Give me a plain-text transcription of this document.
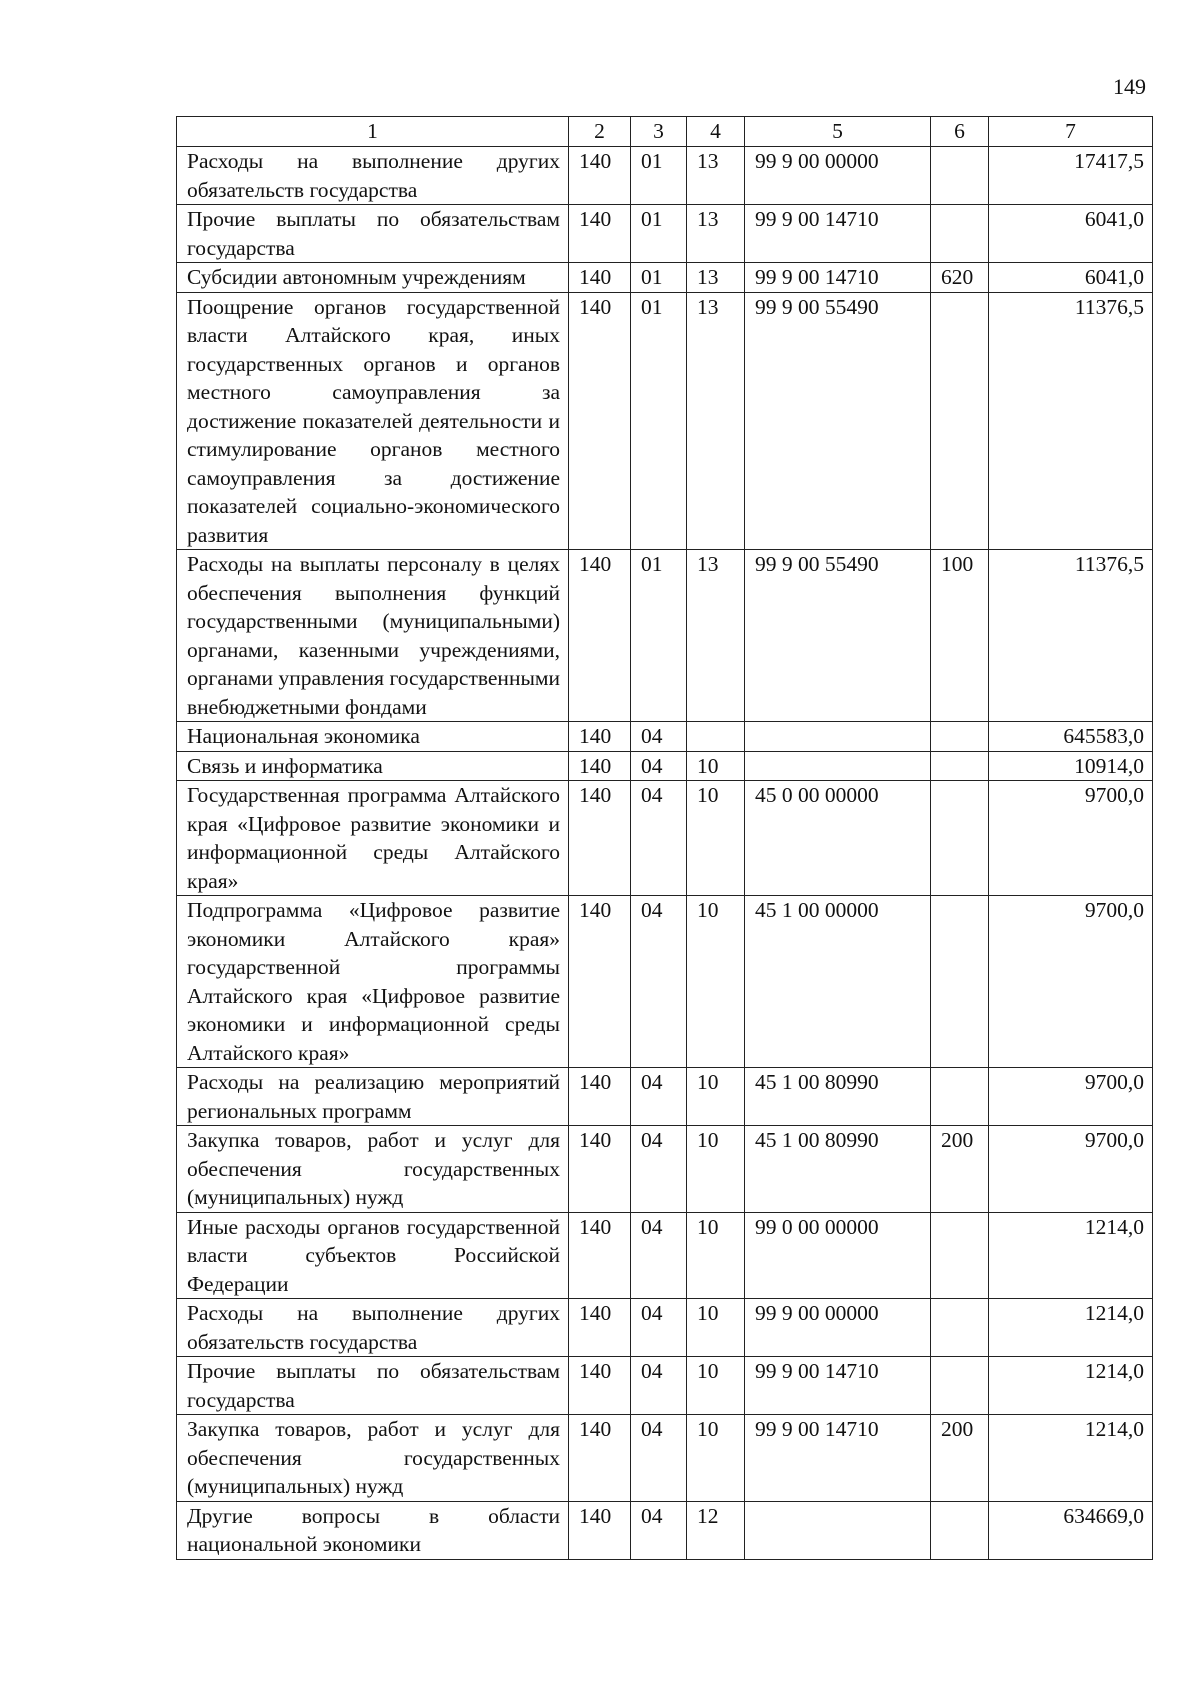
149
1	2	3	4	5	6	7
Расходы на выполнение других обязательств государства	140	01	13	99 9 00 00000		17417,5
Прочие выплаты по обязательствам государства	140	01	13	99 9 00 14710		6041,0
Субсидии автономным учреждениям	140	01	13	99 9 00 14710	620	6041,0
Поощрение органов государственной власти Алтайского края, иных государственных органов и органов местного самоуправления за достижение показателей деятельности и стимулирование органов местного самоуправления за достижение показателей социально-экономического развития	140	01	13	99 9 00 55490		11376,5
Расходы на выплаты персоналу в целях обеспечения выполнения функций государственными (муниципальными) органами, казенными учреждениями, органами управления государственными внебюджетными фондами	140	01	13	99 9 00 55490	100	11376,5
Национальная экономика	140	04				645583,0
Связь и информатика	140	04	10			10914,0
Государственная программа Алтайского края «Цифровое развитие экономики и информационной среды Алтайского края»	140	04	10	45 0 00 00000		9700,0
Подпрограмма «Цифровое развитие экономики Алтайского края» государственной программы Алтайского края «Цифровое развитие экономики и информационной среды Алтайского края»	140	04	10	45 1 00 00000		9700,0
Расходы на реализацию мероприятий региональных программ	140	04	10	45 1 00 80990		9700,0
Закупка товаров, работ и услуг для обеспечения государственных (муниципальных) нужд	140	04	10	45 1 00 80990	200	9700,0
Иные расходы органов государственной власти субъектов Российской Федерации	140	04	10	99 0 00 00000		1214,0
Расходы на выполнение других обязательств государства	140	04	10	99 9 00 00000		1214,0
Прочие выплаты по обязательствам государства	140	04	10	99 9 00 14710		1214,0
Закупка товаров, работ и услуг для обеспечения государственных (муниципальных) нужд	140	04	10	99 9 00 14710	200	1214,0
Другие вопросы в области национальной экономики	140	04	12			634669,0
